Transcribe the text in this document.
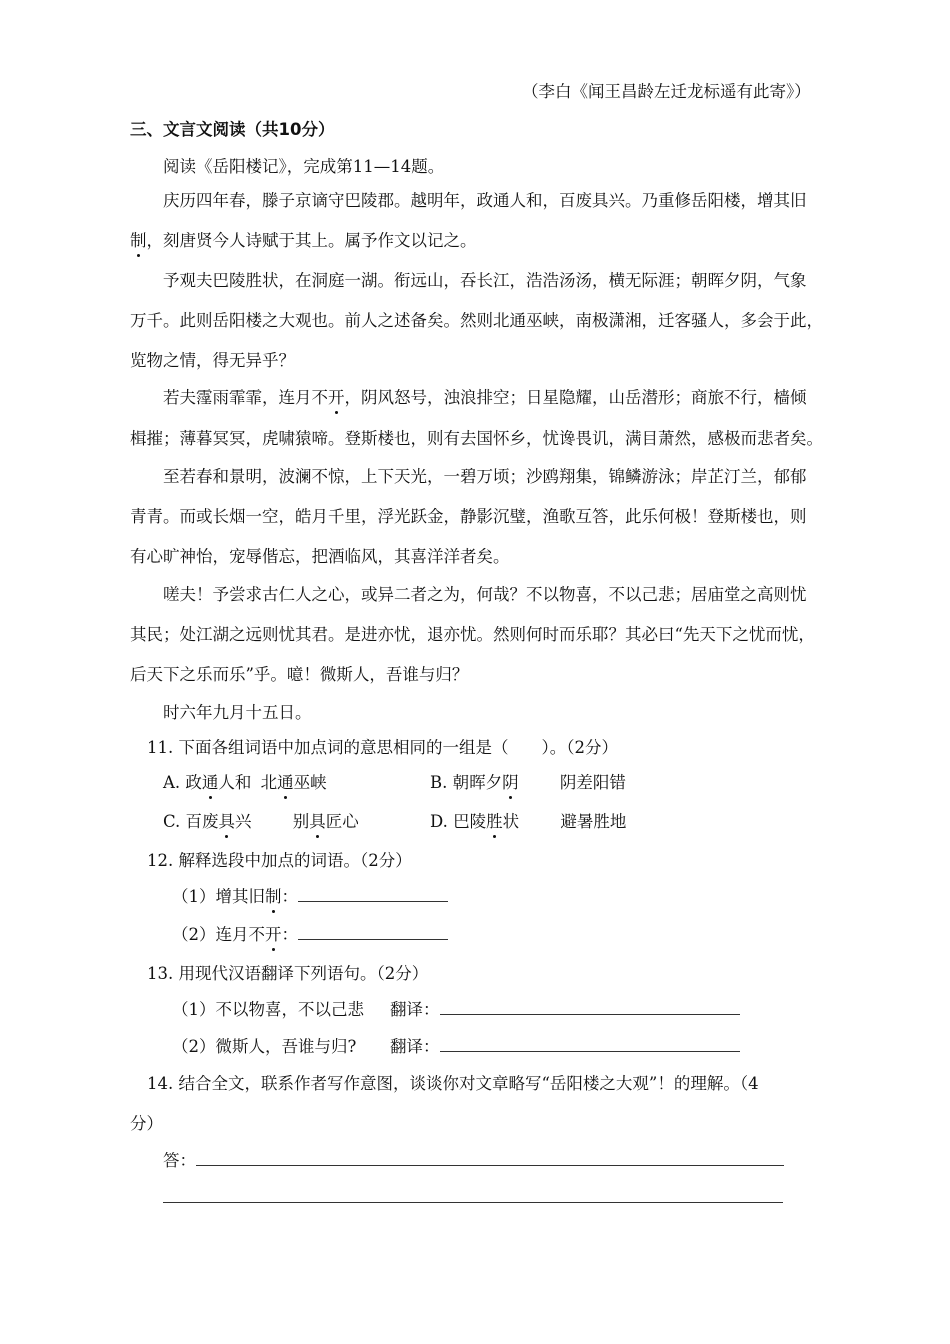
（李白《闻王昌龄左迁龙标遥有此寄》）
三、文言文阅读（共10分）
阅读《岳阳楼记》，完成第11—14题。
庆历四年春，滕子京谪守巴陵郡。越明年，政通人和，百废具兴。乃重修岳阳楼，增其旧
制，刻唐贤今人诗赋于其上。属予作文以记之。
予观夫巴陵胜状，在洞庭一湖。衔远山，吞长江，浩浩汤汤，横无际涯；朝晖夕阴，气象
万千。此则岳阳楼之大观也。前人之述备矣。然则北通巫峡，南极潇湘，迁客骚人，多会于此，
览物之情，得无异乎？
若夫霪雨霏霏，连月不开，阴风怒号，浊浪排空；日星隐耀，山岳潜形；商旅不行，樯倾
楫摧；薄暮冥冥，虎啸猿啼。登斯楼也，则有去国怀乡，忧谗畏讥，满目萧然，感极而悲者矣。
至若春和景明，波澜不惊，上下天光，一碧万顷；沙鸥翔集，锦鳞游泳；岸芷汀兰，郁郁
青青。而或长烟一空，皓月千里，浮光跃金，静影沉璧，渔歌互答，此乐何极！登斯楼也，则
有心旷神怡，宠辱偕忘，把酒临风，其喜洋洋者矣。
嗟夫！予尝求古仁人之心，或异二者之为，何哉？不以物喜，不以己悲；居庙堂之高则忧
其民；处江湖之远则忧其君。是进亦忧，退亦忧。然则何时而乐耶？其必曰“先天下之忧而忧，
后天下之乐而乐”乎。噫！微斯人，吾谁与归？
时六年九月十五日。
11. 下面各组词语中加点词的意思相同的一组是（　　）。（2分）
A. 政通人和 北通巫峡	B. 朝晖夕阴	阴差阳错
C. 百废具兴	别具匠心	D. 巴陵胜状	避暑胜地
12. 解释选段中加点的词语。（2分）
（1）增其旧制：
（2）连月不开：
13. 用现代汉语翻译下列语句。（2分）
（1）不以物喜，不以己悲 翻译：
（2）微斯人，吾谁与归? 翻译：
14. 结合全文，联系作者写作意图，谈谈你对文章略写“岳阳楼之大观”！的理解。（4
分）
答：
